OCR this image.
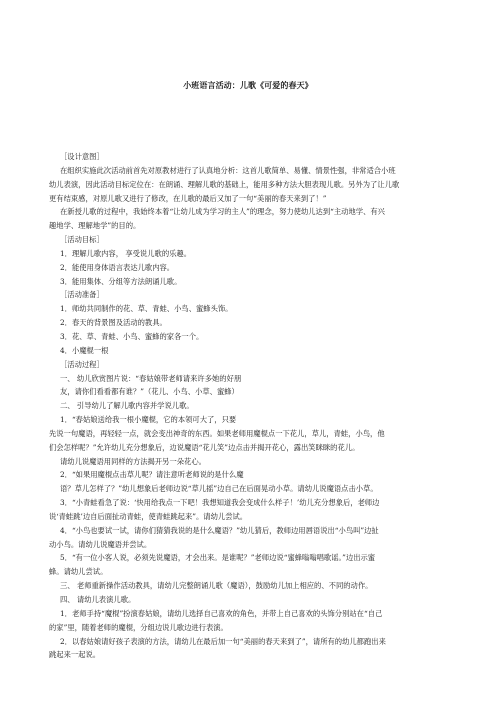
小班语言活动：儿歌《可爱的春天》
［设计意图］
在组织实施此次活动前首先对原教材进行了认真地分析：这首儿歌简单、易懂、情景性强，非常适合小班
幼儿表演，因此活动目标定位在：在朗诵、理解儿歌的基础上，能用多种方法大胆表现儿歌。另外为了让儿歌
更有结束感，对原儿歌又进行了修改，在儿歌的最后又加了一句“美丽的春天来到了！”
在新授儿歌的过程中，我始终本着“让幼儿成为学习的主人”的理念，努力使幼儿达到“主动地学、有兴
趣地学、理解地学”的目的。
［活动目标］
1．理解儿歌内容， 享受说儿歌的乐趣。
2．能使用身体语言表达儿歌内容。
3．能用集体、分组等方法朗诵儿歌。
［活动准备］
1．师幼共同制作的花、草、青蛙、小鸟、蜜蜂头饰。
2．春天的背景图及活动的教具。
3．花、草、青蛙、小鸟、蜜蜂的家各一个。
4．小魔棍一根
［活动过程］
一、 幼儿欣赏图片说：“春姑娘带老师请来许多她的好朋
友，请你们看看都有谁？”（花儿、小鸟、小草、蜜蜂）
二、 引导幼儿了解儿歌内容并学说儿歌。
1．“春姑娘送给我一根小魔棍，它的本领可大了，只要
先说一句魔语，再轻轻一点，就会变出神奇的东西。如果老师用魔棍点一下花儿，草儿，青蛙，小鸟，他
们会怎样呢？”允许幼儿充分想象后，边说魔语“花儿笑”边点击并揭开花心，露出笑眯眯的花儿。
请幼儿说魔语用同样的方法揭开另一朵花心。
2．“如果用魔棍点击草儿呢？请注意听老师说的是什么魔
语？草儿怎样了？”幼儿想象后老师边说“草儿摇”边自己在后面晃动小草。请幼儿说魔语点击小草。
3．“小青蛙看急了说：‘快用给我点一下吧！我想知道我会变成什么样子！’幼儿充分想象后，老师边
说‘青蛙跳’边自后面扯动青蛙，使青蛙跳起来”。请幼儿尝试。
4．“小鸟也要试一试，请你们猜猜我说的是什么魔语？”幼儿猜后，教师边用唇语说出“小鸟叫”边扯
动小鸟。请幼儿说魔语并尝试。
5．“有一位小客人说，必须先说魔语，才会出来。是谁呢？”老师边说“蜜蜂嗡嗡唱歌谣。”边出示蜜
蜂。请幼儿尝试。
三、 老师重新操作活动教具，请幼儿完整朗诵儿歌（魔语），鼓励幼儿加上相应的、不同的动作。
四、 请幼儿表演儿歌。
1．老师手持“魔棍”扮演春姑娘，请幼儿选择自己喜欢的角色，并带上自己喜欢的头饰分别站在“自己
的家”里，随着老师的魔棍，分组边说儿歌边进行表演。
2．以春姑娘请好孩子表演的方法，请幼儿在最后加一句“美丽的春天来到了”，请所有的幼儿都跑出来
跳起来一起说。
